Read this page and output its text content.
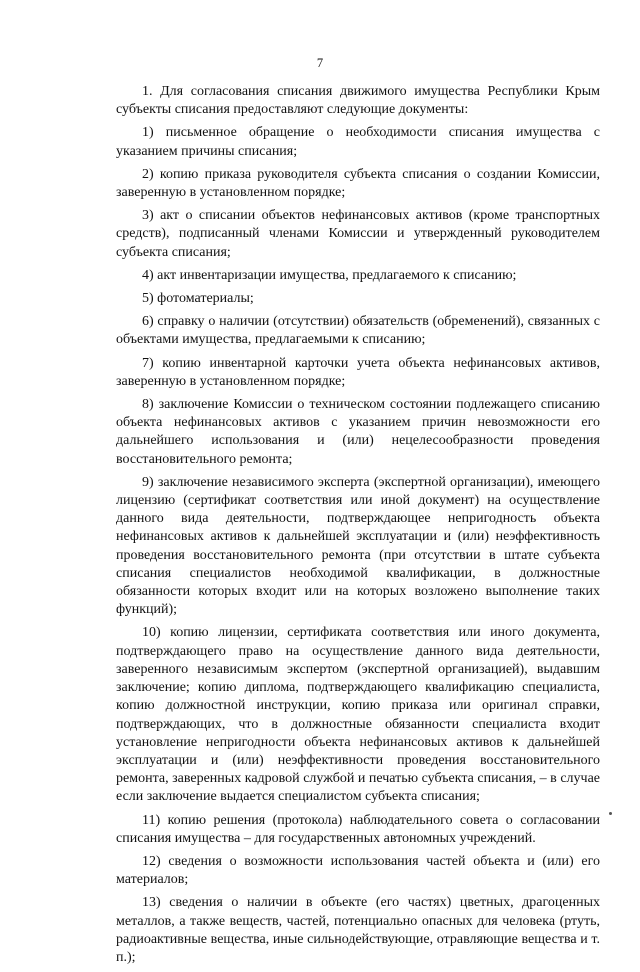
7

1. Для согласования списания движимого имущества Республики Крым субъекты списания предоставляют следующие документы:

1) письменное обращение о необходимости списания имущества с указанием причины списания;

2) копию приказа руководителя субъекта списания о создании Комиссии, заверенную в установленном порядке;

3) акт о списании объектов нефинансовых активов (кроме транспортных средств), подписанный членами Комиссии и утвержденный руководителем субъекта списания;

4) акт инвентаризации имущества, предлагаемого к списанию;

5) фотоматериалы;

6) справку о наличии (отсутствии) обязательств (обременений), связанных с объектами имущества, предлагаемыми к списанию;

7) копию инвентарной карточки учета объекта нефинансовых активов, заверенную в установленном порядке;

8) заключение Комиссии о техническом состоянии подлежащего списанию объекта нефинансовых активов с указанием причин невозможности его дальнейшего использования и (или) нецелесообразности проведения восстановительного ремонта;

9) заключение независимого эксперта (экспертной организации), имеющего лицензию (сертификат соответствия или иной документ) на осуществление данного вида деятельности, подтверждающее непригодность объекта нефинансовых активов к дальнейшей эксплуатации и (или) неэффективность проведения восстановительного ремонта (при отсутствии в штате субъекта списания специалистов необходимой квалификации, в должностные обязанности которых входит или на которых возложено выполнение таких функций);

10) копию лицензии, сертификата соответствия или иного документа, подтверждающего право на осуществление данного вида деятельности, заверенного независимым экспертом (экспертной организацией), выдавшим заключение; копию диплома, подтверждающего квалификацию специалиста, копию должностной инструкции, копию приказа или оригинал справки, подтверждающих, что в должностные обязанности специалиста входит установление непригодности объекта нефинансовых активов к дальнейшей эксплуатации и (или) неэффективности проведения восстановительного ремонта, заверенных кадровой службой и печатью субъекта списания, – в случае если заключение выдается специалистом субъекта списания;

11) копию решения (протокола) наблюдательного совета о согласовании списания имущества – для государственных автономных учреждений.

12) сведения о возможности использования частей объекта и (или) его материалов;

13) сведения о наличии в объекте (его частях) цветных, драгоценных металлов, а также веществ, частей, потенциально опасных для человека (ртуть, радиоактивные вещества, иные сильнодействующие, отравляющие вещества и т. п.);
